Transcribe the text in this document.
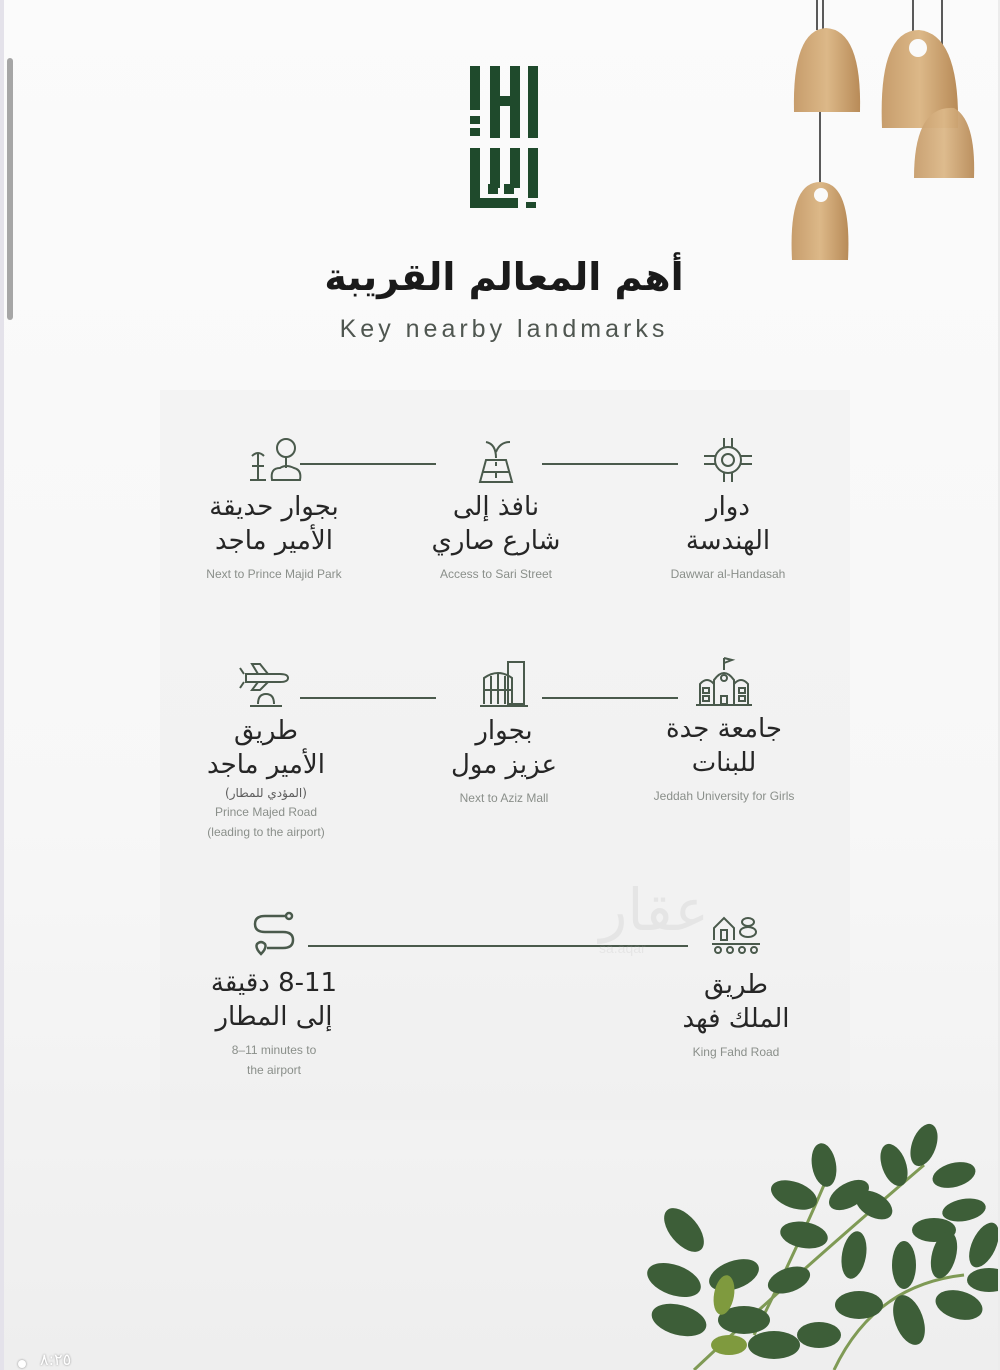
أهم المعالم القريبة
Key nearby landmarks
بجوار حديقة
الأمير ماجد
Next to Prince Majid Park
نافذ إلى
شارع صاري
Access to Sari Street
دوار
الهندسة
Dawwar al-Handasah
طريق
الأمير ماجد
(المؤدي للمطار)
Prince Majed Road
(leading to the airport)
بجوار
عزيز مول
Next to Aziz Mall
جامعة جدة
للبنات
Jeddah University for Girls
8-11 دقيقة
إلى المطار
8–11 minutes to
the airport
طريق
الملك فهد
King Fahd Road
٨:٢٥
